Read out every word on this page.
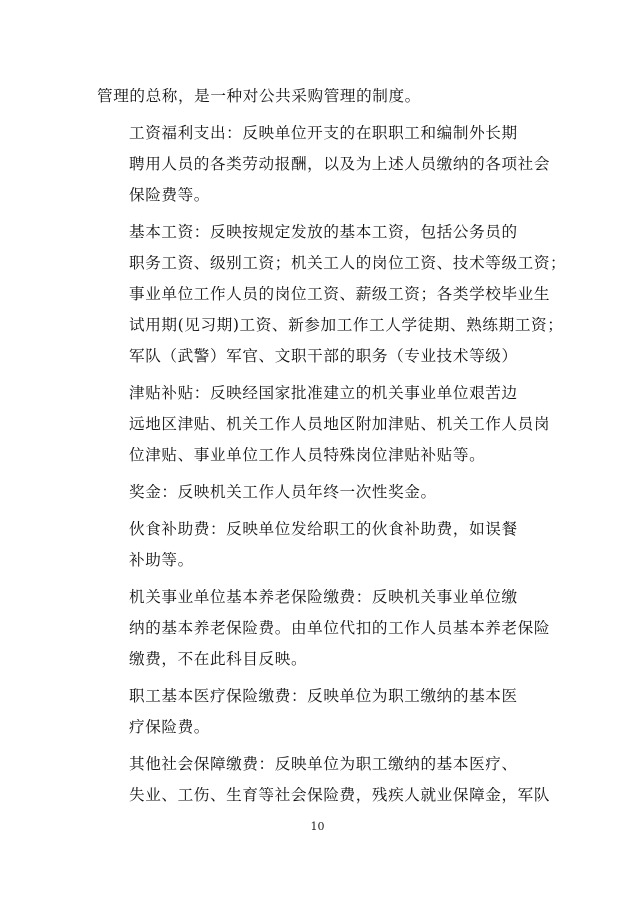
管理的总称，是一种对公共采购管理的制度。

工资福利支出：反映单位开支的在职职工和编制外长期
聘用人员的各类劳动报酬，以及为上述人员缴纳的各项社会
保险费等。

基本工资：反映按规定发放的基本工资，包括公务员的
职务工资、级别工资；机关工人的岗位工资、技术等级工资；
事业单位工作人员的岗位工资、薪级工资；各类学校毕业生
试用期(见习期)工资、新参加工作工人学徒期、熟练期工资；
军队（武警）军官、文职干部的职务（专业技术等级）

津贴补贴：反映经国家批准建立的机关事业单位艰苦边
远地区津贴、机关工作人员地区附加津贴、机关工作人员岗
位津贴、事业单位工作人员特殊岗位津贴补贴等。

奖金：反映机关工作人员年终一次性奖金。

伙食补助费：反映单位发给职工的伙食补助费，如误餐
补助等。

机关事业单位基本养老保险缴费：反映机关事业单位缴
纳的基本养老保险费。由单位代扣的工作人员基本养老保险
缴费，不在此科目反映。

职工基本医疗保险缴费：反映单位为职工缴纳的基本医
疗保险费。

其他社会保障缴费：反映单位为职工缴纳的基本医疗、
失业、工伤、生育等社会保险费，残疾人就业保障金，军队

10
